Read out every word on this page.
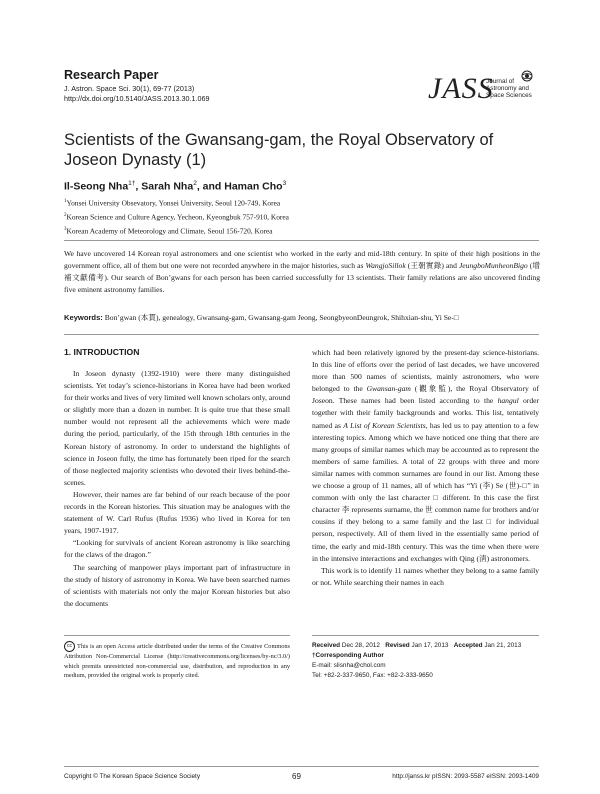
Research Paper
J. Astron. Space Sci. 30(1), 69-77 (2013)
http://dx.doi.org/10.5140/JASS.2013.30.1.069	JASS
Journal of
Astronomy and
Space Sciences
Scientists of the Gwansang-gam, the Royal Observatory of Joseon Dynasty (1)
Il-Seong Nha$^{1\dagger}$, Sarah Nha$^2$, and Haman Cho$^3$
$^1$Yonsei University Obsevatory, Yonsei University, Seoul 120-749, Korea
$^2$Korean Science and Culture Agency, Yecheon, Kyeongbuk 757-910, Korea
$^3$Korean Academy of Meteorology and Climate, Seoul 156-720, Korea
We have uncovered 14 Korean royal astronomers and one scientist who worked in the early and mid-18th century. In spite of their high positions in the government office, all of them but one were not recorded anywhere in the major histories, such as WangjoSillok (王朝實錄) and JeungboMunheonBigo (增補文獻備考). Our search of Bon’gwans for each person has been carried successfully for 13 scientists. Their family relations are also uncovered finding five eminent astronomy families.
Keywords: Bon’gwan (本貫), genealogy, Gwansang-gam, Gwansang-gam Jeong, SeongbyeonDeungrok, Shihxian-shu, Yi Se-□
1. INTRODUCTION

In Joseon dynasty (1392-1910) were there many distinguished scientists. Yet today’s science-historians in Korea have had been worked for their works and lives of very limited well known scholars only, around or slightly more than a dozen in number. It is quite true that these small number would not represent all the achievements which were made during the period, particularly, of the 15th through 18th centuries in the Korean history of astronomy. In order to understand the highlights of science in Joseon fully, the time has fortunately been riped for the search of those neglected majority scientists who devoted their lives behind-the-scenes.

However, their names are far behind of our reach because of the poor records in the Korean histories. This situation may be analogues with the statement of W. Carl Rufus (Rufus 1936) who lived in Korea for ten years, 1907-1917.

“Looking for survivals of ancient Korean astronomy is like searching for the claws of the dragon.”

The searching of manpower plays important part of infrastructure in the study of history of astronomy in Korea. We have been searched names of scientists with materials not only the major Korean histories but also the documents

which had been relatively ignored by the present-day science-historians. In this line of efforts over the period of last decades, we have uncovered more than 500 names of scientists, mainly astronomers, who were belonged to the Gwansan-gam (觀象監), the Royal Observatory of Joseon. These names had been listed according to the hangul order together with their family backgrounds and works. This list, tentatively named as A List of Korean Scientists, has led us to pay attention to a few interesting topics. Among which we have noticed one thing that there are many groups of similar names which may be accounted as to represent the members of same families. A total of 22 groups with three and more similar names with common surnames are found in our list. Among these we choose a group of 11 names, all of which has “Yi (李) Se (世)-□” in common with only the last character □ different. In this case the first character 李 represents surname, the 世 common name for brothers and/or cousins if they belong to a same family and the last □ for individual person, respectively. All of them lived in the essentially same period of time, the early and mid-18th century. This was the time when there were in the intensive interactions and exchanges with Qing (淸) astronomers.

This work is to identify 11 names whether they belong to a same family or not. While searching their names in each

cc This is an open Access article distributed under the terms of the Creative Commons Attribution Non-Commercial License (http://creativecommons.org/licenses/by-nc/3.0/) which premits unrestricted non-commercial use, distribution, and reproduction in any medium, provided the original work is properly cited.
Received Dec 28, 2012 Revised Jan 17, 2013 Accepted Jan 21, 2013
†Corresponding Author
E-mail: slisnha@chol.com
Tel: +82-2-337-9650, Fax: +82-2-333-9650
Copyright © The Korean Space Science Society	69	http://janss.kr pISSN: 2093-5587 eISSN: 2093-1409
